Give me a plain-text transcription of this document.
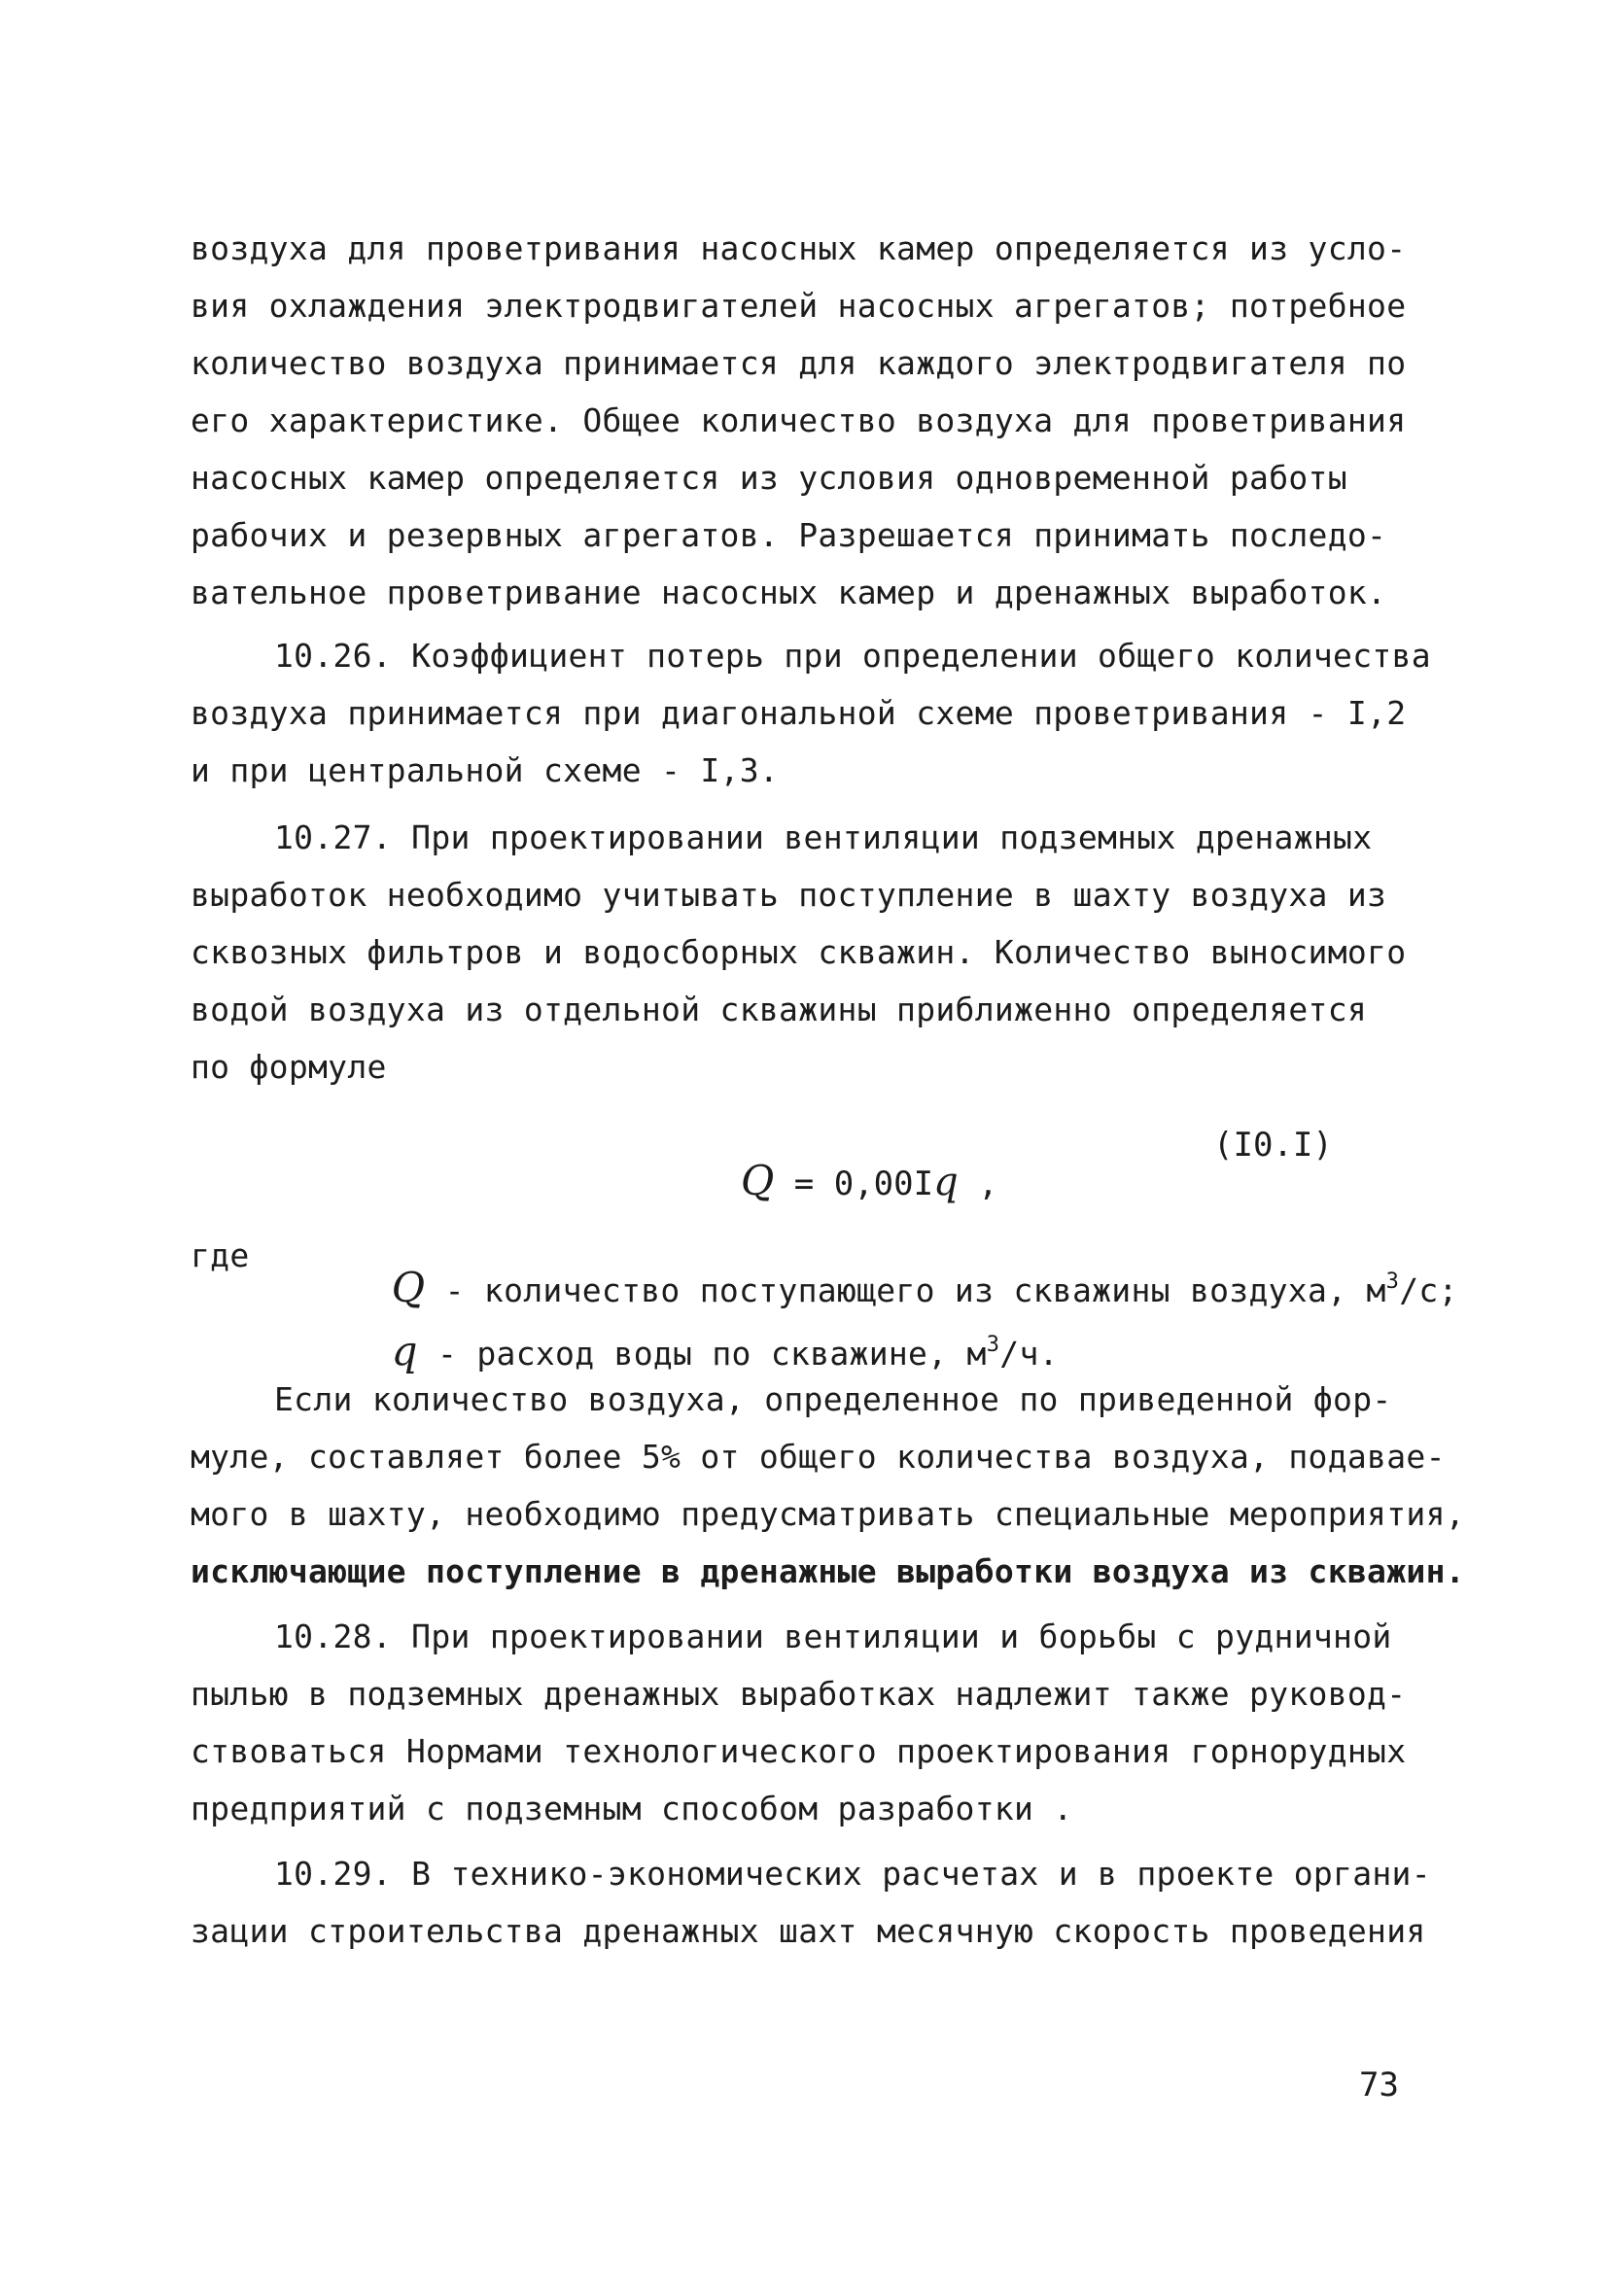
воздуха для проветривания насосных камер определяется из усло-
вия охлаждения электродвигателей насосных агрегатов; потребное
количество воздуха принимается для каждого электродвигателя по
его характеристике. Общее количество воздуха для проветривания
насосных камер определяется из условия одновременной работы
рабочих и резервных агрегатов. Разрешается принимать последо-
вательное проветривание насосных камер и дренажных выработок.
10.26. Коэффициент потерь при определении общего количества
воздуха принимается при диагональной схеме проветривания - I,2
и при центральной схеме - I,3.
10.27. При проектировании вентиляции подземных дренажных
выработок необходимо учитывать поступление в шахту воздуха из
сквозных фильтров и водосборных скважин. Количество выносимого
водой воздуха из отдельной скважины приближенно определяется
по формуле

Q = 0,00Iq ,

(I0.I)
где

Q - количество поступающего из скважины воздуха, $м^3/с$;

q - расход воды по скважине, $м^3/ч$.

Если количество воздуха, определенное по приведенной фор-
муле, составляет более 5% от общего количества воздуха, подавае-
мого в шахту, необходимо предусматривать специальные мероприятия,
исключающие поступление в дренажные выработки воздуха из скважин.
10.28. При проектировании вентиляции и борьбы с рудничной
пылью в подземных дренажных выработках надлежит также руковод-
ствоваться Нормами технологического проектирования горнорудных
предприятий с подземным способом разработки .
10.29. В технико-экономических расчетах и в проекте органи-
зации строительства дренажных шахт месячную скорость проведения
73
